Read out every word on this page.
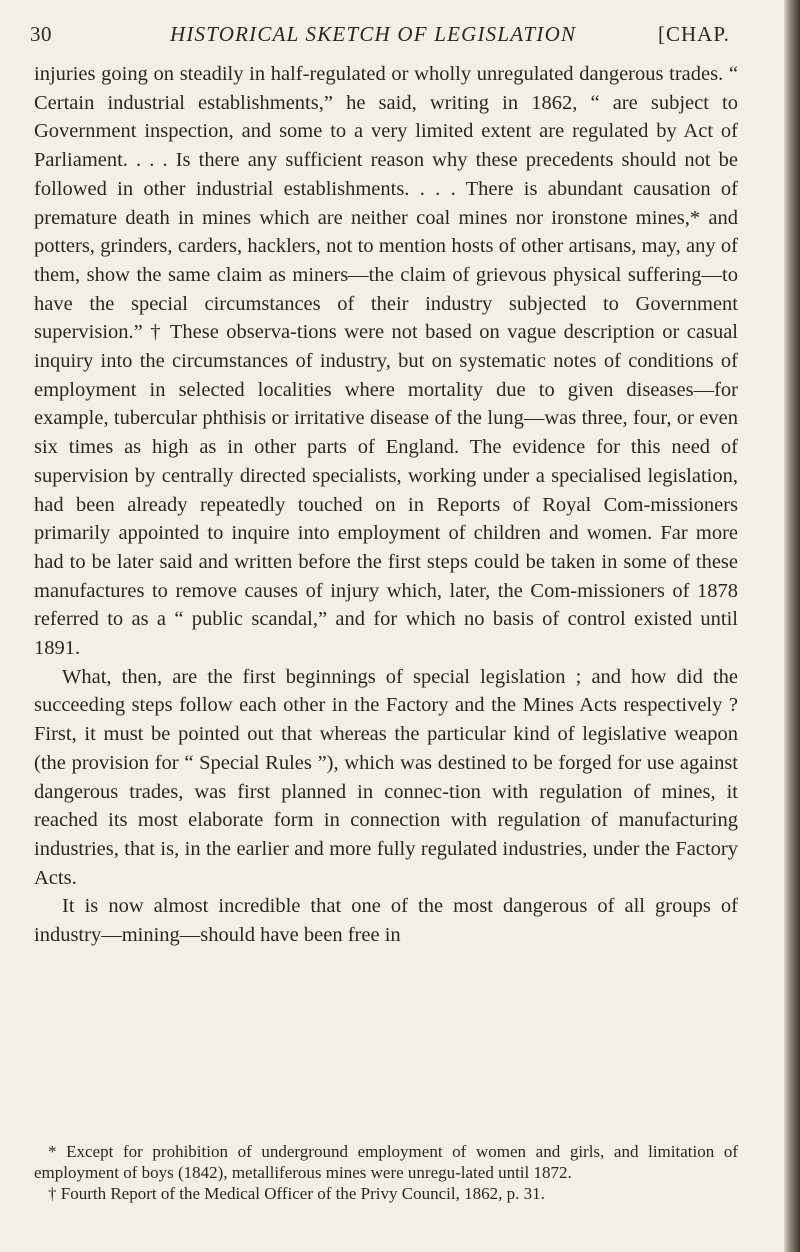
30	HISTORICAL SKETCH OF LEGISLATION	[CHAP.

injuries going on steadily in half-regulated or wholly unregulated dangerous trades. “ Certain industrial establishments,” he said, writing in 1862, “ are subject to Government inspection, and some to a very limited extent are regulated by Act of Parliament. . . . Is there any sufficient reason why these precedents should not be followed in other industrial establishments. . . . There is abundant causation of premature death in mines which are neither coal mines nor ironstone mines,* and potters, grinders, carders, hacklers, not to mention hosts of other artisans, may, any of them, show the same claim as miners—the claim of grievous physical suffering—to have the special circumstances of their industry subjected to Government supervision.” † These observa-tions were not based on vague description or casual inquiry into the circumstances of industry, but on systematic notes of conditions of employment in selected localities where mortality due to given diseases—for example, tubercular phthisis or irritative disease of the lung—was three, four, or even six times as high as in other parts of England. The evidence for this need of supervision by centrally directed specialists, working under a specialised legislation, had been already repeatedly touched on in Reports of Royal Com-missioners primarily appointed to inquire into employment of children and women. Far more had to be later said and written before the first steps could be taken in some of these manufactures to remove causes of injury which, later, the Com-missioners of 1878 referred to as a “ public scandal,” and for which no basis of control existed until 1891.

What, then, are the first beginnings of special legislation ; and how did the succeeding steps follow each other in the Factory and the Mines Acts respectively ? First, it must be pointed out that whereas the particular kind of legislative weapon (the provision for “ Special Rules ”), which was destined to be forged for use against dangerous trades, was first planned in connec-tion with regulation of mines, it reached its most elaborate form in connection with regulation of manufacturing industries, that is, in the earlier and more fully regulated industries, under the Factory Acts.

It is now almost incredible that one of the most dangerous of all groups of industry—mining—should have been free in

* Except for prohibition of underground employment of women and girls, and limitation of employment of boys (1842), metalliferous mines were unregu-lated until 1872.

† Fourth Report of the Medical Officer of the Privy Council, 1862, p. 31.
